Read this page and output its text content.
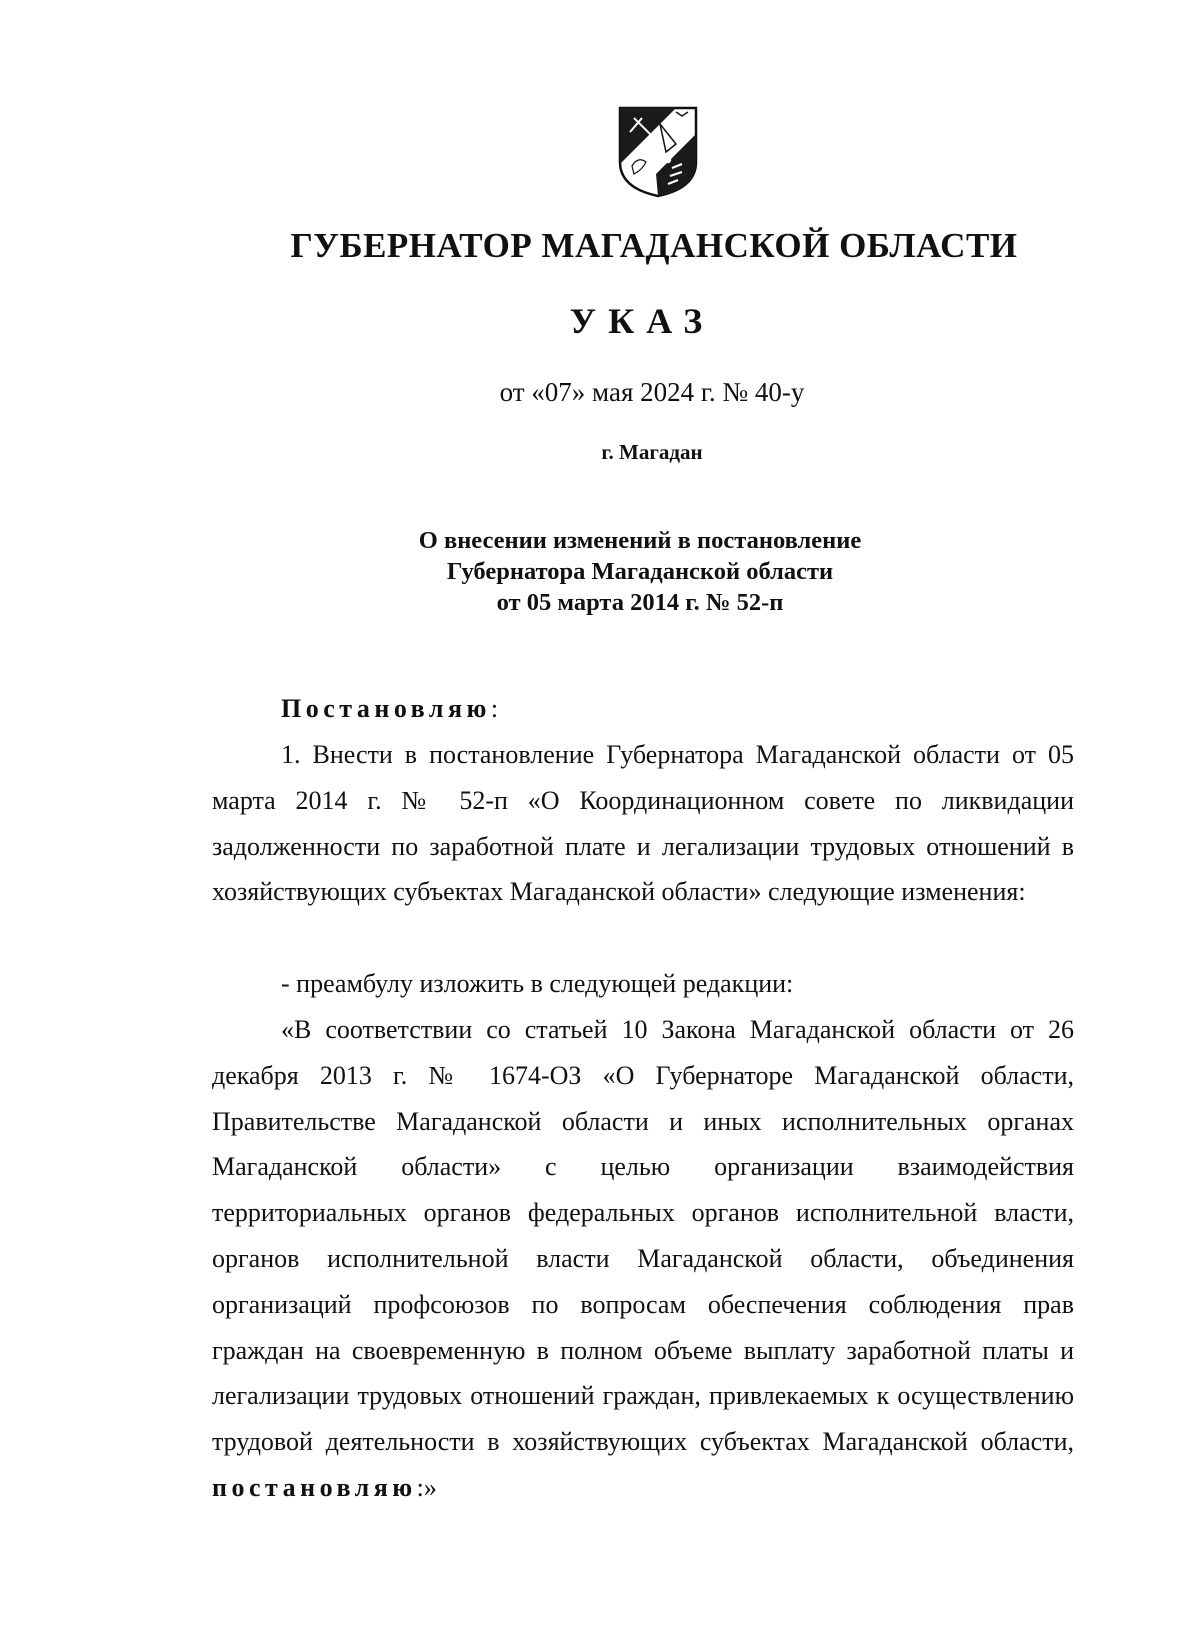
ГУБЕРНАТОР МАГАДАНСКОЙ ОБЛАСТИ
УКАЗ
от «07» мая 2024 г. № 40-у
г. Магадан
О внесении изменений в постановление
Губернатора Магаданской области
от 05 марта 2014 г. № 52-п
Постановляю:

1. Внести в постановление Губернатора Магаданской области от 05 марта 2014 г. № 52-п «О Координационном совете по ликвидации задолженности по заработной плате и легализации трудовых отношений в хозяйствующих субъектах Магаданской области» следующие изменения:

- преамбулу изложить в следующей редакции:

«В соответствии со статьей 10 Закона Магаданской области от 26 декабря 2013 г. № 1674-ОЗ «О Губернаторе Магаданской области, Правительстве Магаданской области и иных исполнительных органах Магаданской области» с целью организации взаимодействия территориальных органов федеральных органов исполнительной власти, органов исполнительной власти Магаданской области, объединения организаций профсоюзов по вопросам обеспечения соблюдения прав граждан на своевременную в полном объеме выплату заработной платы и легализации трудовых отношений граждан, привлекаемых к осуществлению трудовой деятельности в хозяйствующих субъектах Магаданской области, постановляю:»
